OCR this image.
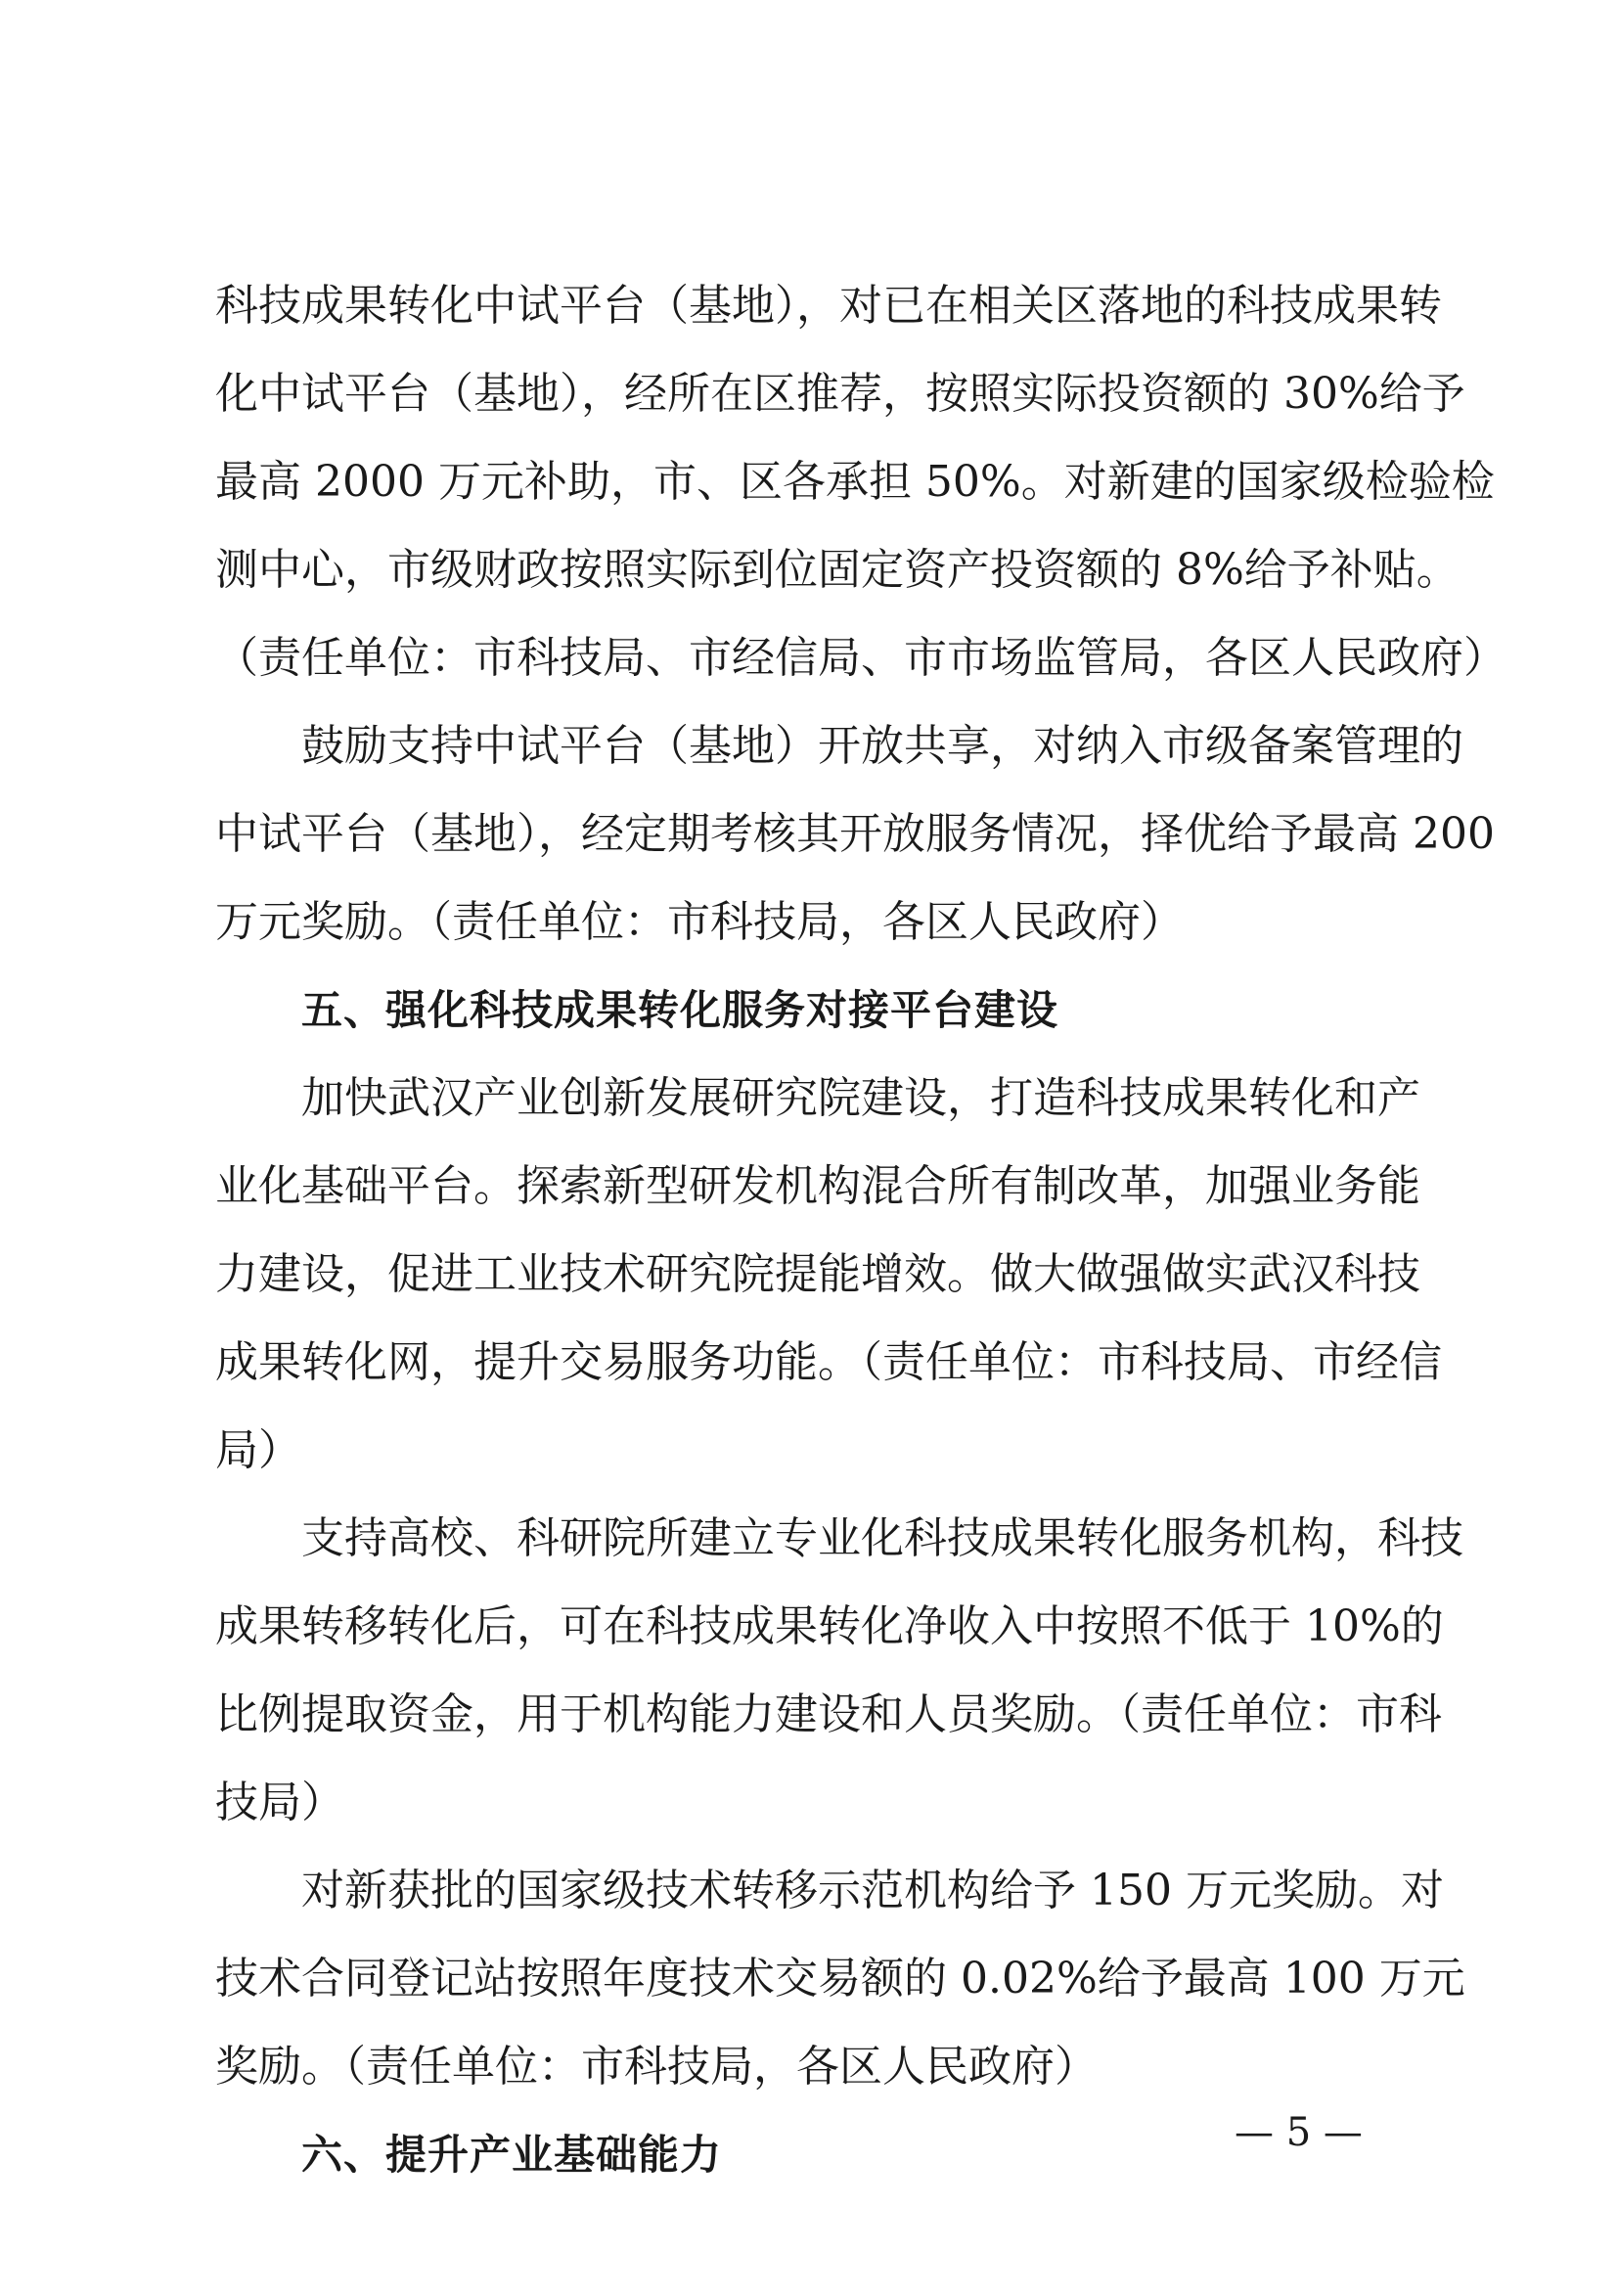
科技成果转化中试平台（基地），对已在相关区落地的科技成果转
化中试平台（基地），经所在区推荐，按照实际投资额的 30%给予
最高 2000 万元补助，市、区各承担 50%。对新建的国家级检验检
测中心，市级财政按照实际到位固定资产投资额的 8%给予补贴。
（责任单位：市科技局、市经信局、市市场监管局，各区人民政府）
鼓励支持中试平台（基地）开放共享，对纳入市级备案管理的
中试平台（基地），经定期考核其开放服务情况，择优给予最高 200
万元奖励。（责任单位：市科技局，各区人民政府）
五、强化科技成果转化服务对接平台建设
加快武汉产业创新发展研究院建设，打造科技成果转化和产
业化基础平台。探索新型研发机构混合所有制改革，加强业务能
力建设，促进工业技术研究院提能增效。做大做强做实武汉科技
成果转化网，提升交易服务功能。（责任单位：市科技局、市经信
局）
支持高校、科研院所建立专业化科技成果转化服务机构，科技
成果转移转化后，可在科技成果转化净收入中按照不低于 10%的
比例提取资金，用于机构能力建设和人员奖励。（责任单位：市科
技局）
对新获批的国家级技术转移示范机构给予 150 万元奖励。对
技术合同登记站按照年度技术交易额的 0.02%给予最高 100 万元
奖励。（责任单位：市科技局，各区人民政府）
六、提升产业基础能力	— 5 —
